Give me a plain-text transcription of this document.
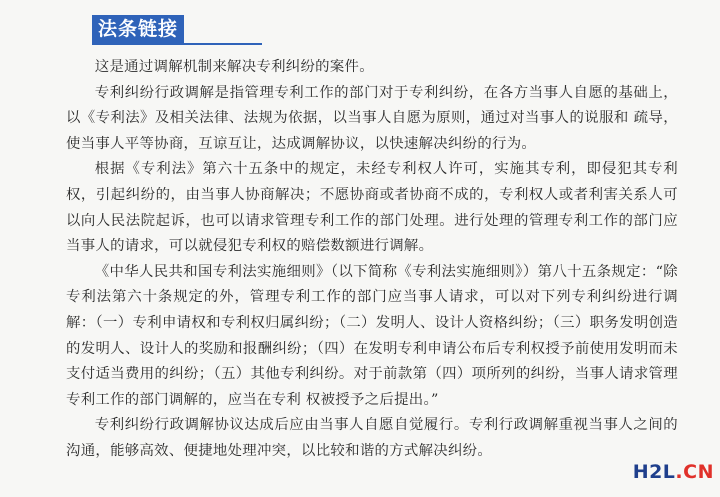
法条链接

这是通过调解机制来解决专利纠纷的案件。

专利纠纷行政调解是指管理专利工作的部门对于专利纠纷，在各方当事人自愿的基础上，以《专利法》及相关法律、法规为依据，以当事人自愿为原则，通过对当事人的说服和 疏导，使当事人平等协商，互谅互让，达成调解协议，以快速解决纠纷的行为。

根据《专利法》第六十五条中的规定，未经专利权人许可，实施其专利，即侵犯其专利权，引起纠纷的，由当事人协商解决；不愿协商或者协商不成的，专利权人或者利害关系人可以向人民法院起诉，也可以请求管理专利工作的部门处理。进行处理的管理专利工作的部门应当事人的请求，可以就侵犯专利权的赔偿数额进行调解。

《中华人民共和国专利法实施细则》（以下简称《专利法实施细则》）第八十五条规定：“除专利法第六十条规定的外，管理专利工作的部门应当事人请求，可以对下列专利纠纷进行调解：（一）专利申请权和专利权归属纠纷；（二）发明人、设计人资格纠纷；（三）职务发明创造的发明人、设计人的奖励和报酬纠纷；（四）在发明专利申请公布后专利权授予前使用发明而未支付适当费用的纠纷；（五）其他专利纠纷。对于前款第（四）项所列的纠纷，当事人请求管理专利工作的部门调解的，应当在专利 权被授予之后提出。”

专利纠纷行政调解协议达成后应由当事人自愿自觉履行。专利行政调解重视当事人之间的沟通，能够高效、便捷地处理冲突，以比较和谐的方式解决纠纷。

H2L.CN
